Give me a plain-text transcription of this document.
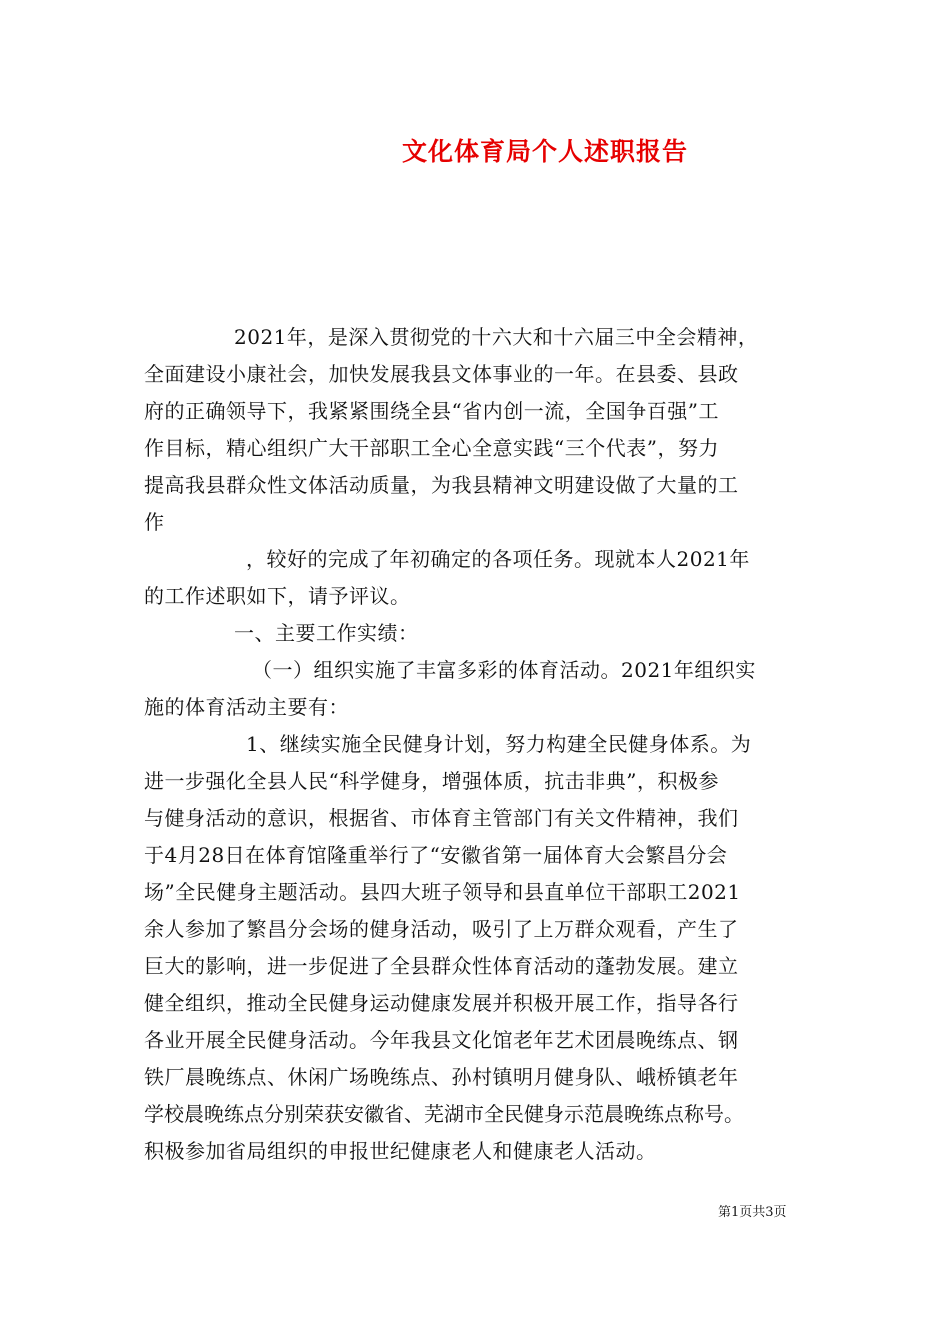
文化体育局个人述职报告
2021年，是深入贯彻党的十六大和十六届三中全会精神，
全面建设小康社会，加快发展我县文体事业的一年。在县委、县政
府的正确领导下，我紧紧围绕全县“省内创一流，全国争百强”工
作目标，精心组织广大干部职工全心全意实践“三个代表”，努力
提高我县群众性文体活动质量，为我县精神文明建设做了大量的工
作
，较好的完成了年初确定的各项任务。现就本人2021年
的工作述职如下，请予评议。
一、主要工作实绩：
（一）组织实施了丰富多彩的体育活动。2021年组织实
施的体育活动主要有：
1、继续实施全民健身计划，努力构建全民健身体系。为
进一步强化全县人民“科学健身，增强体质，抗击非典”，积极参
与健身活动的意识，根据省、市体育主管部门有关文件精神，我们
于4月28日在体育馆隆重举行了“安徽省第一届体育大会繁昌分会
场”全民健身主题活动。县四大班子领导和县直单位干部职工2021
余人参加了繁昌分会场的健身活动，吸引了上万群众观看，产生了
巨大的影响，进一步促进了全县群众性体育活动的蓬勃发展。建立
健全组织，推动全民健身运动健康发展并积极开展工作，指导各行
各业开展全民健身活动。今年我县文化馆老年艺术团晨晚练点、钢
铁厂晨晚练点、休闲广场晚练点、孙村镇明月健身队、峨桥镇老年
学校晨晚练点分别荣获安徽省、芜湖市全民健身示范晨晚练点称号。
积极参加省局组织的申报世纪健康老人和健康老人活动。
第1页共3页
